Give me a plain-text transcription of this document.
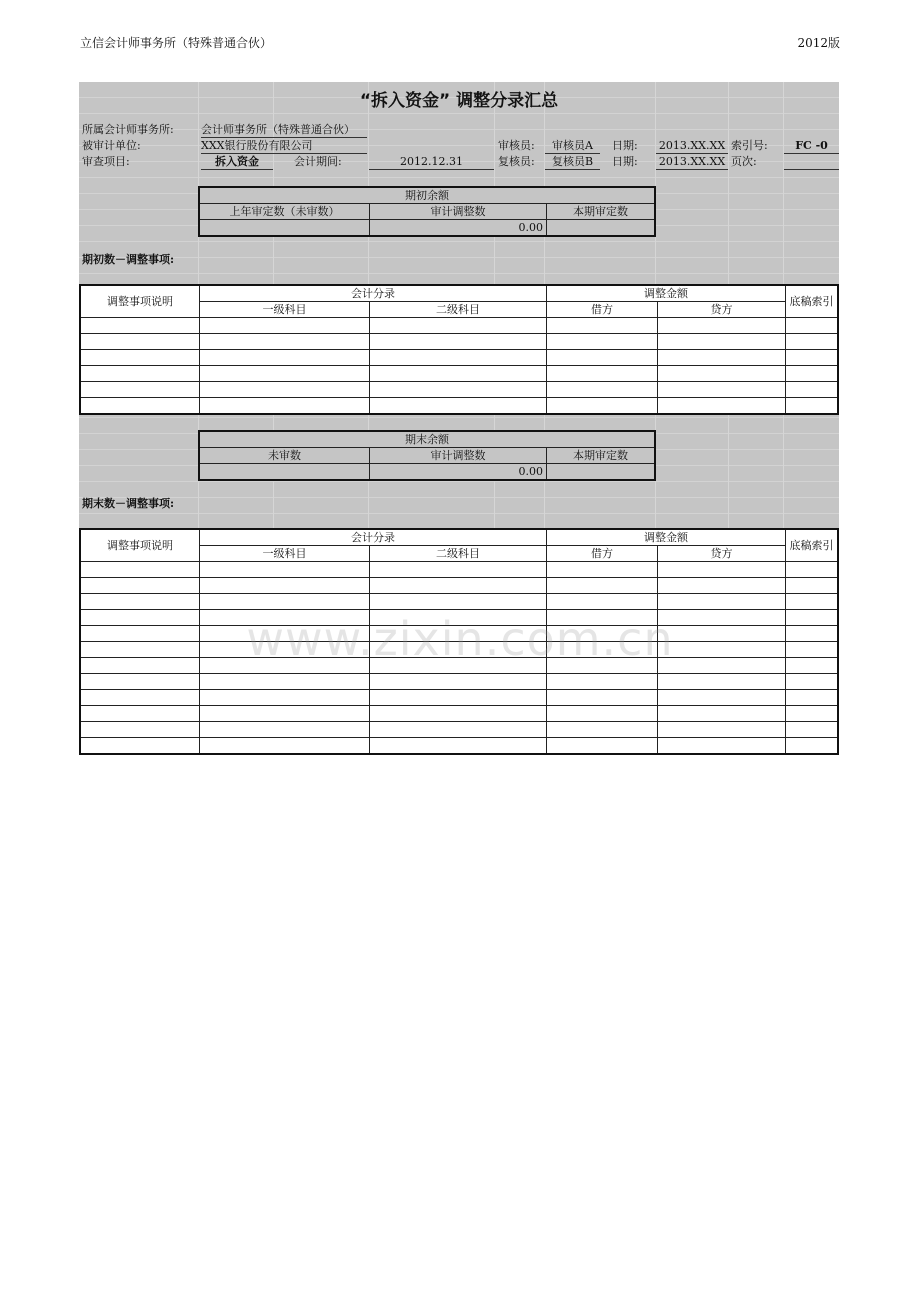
立信会计师事务所（特殊普通合伙）	2012版
“拆入资金” 调整分录汇总
所属会计师事务所: 会计师事务所（特殊普通合伙）
被审计单位:	XXX银行股份有限公司	审核员:	审核员A	日期: 2013.XX.XX 索引号:	FC -0
审查项目:	拆入资金	会计期间:	2012.12.31	复核员:	复核员B	日期: 2013.XX.XX 页次:
期初余额		
上年审定数（未审数）	审计调整数	本期审定数
	0.00	
期初数－调整事项:
调整事项说明	会计分录		调整金额		底稿索引
	一级科目	二级科目	借方	贷方	

期末余额		
未审数	审计调整数	本期审定数
	0.00	
期末数－调整事项:
调整事项说明	会计分录		调整金额		底稿索引
	一级科目	二级科目	借方	贷方	

www.zixin.com.cn
